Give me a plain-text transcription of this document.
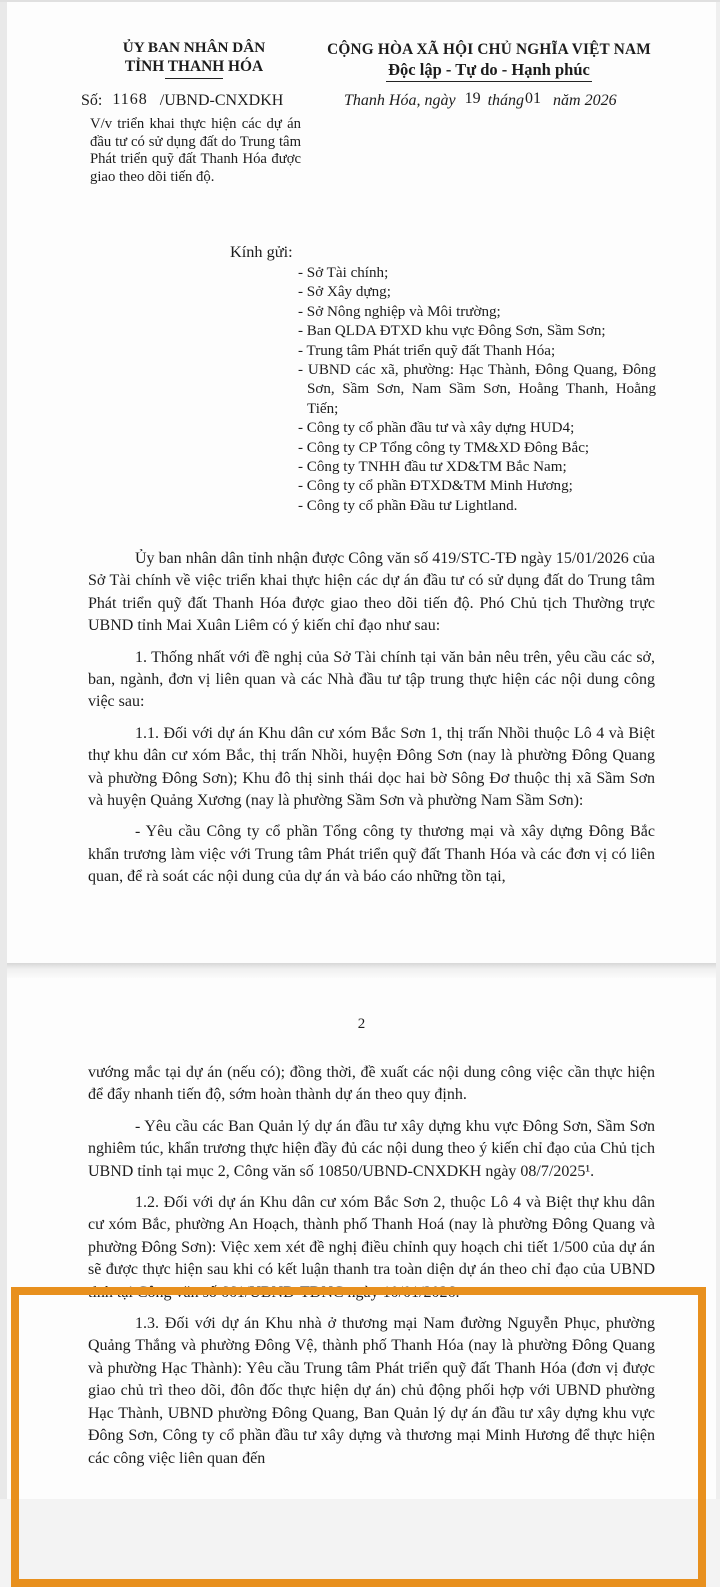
ỦY BAN NHÂN DÂN
TỈNH THANH HÓA
CỘNG HÒA XÃ HỘI CHỦ NGHĨA VIỆT NAM
Độc lập - Tự do - Hạnh phúc
Số: 1168 /UBND-CNXDKH	Thanh Hóa, ngày 19 tháng01 năm 2026
V/v triển khai thực hiện các dự án đầu tư có sử dụng đất do Trung tâm Phát triển quỹ đất Thanh Hóa được giao theo dõi tiến độ.
Kính gửi:
- Sở Tài chính;
- Sở Xây dựng;
- Sở Nông nghiệp và Môi trường;
- Ban QLDA ĐTXD khu vực Đông Sơn, Sầm Sơn;
- Trung tâm Phát triển quỹ đất Thanh Hóa;
- UBND các xã, phường: Hạc Thành, Đông Quang, Đông Sơn, Sầm Sơn, Nam Sầm Sơn, Hoằng Thanh, Hoằng Tiến;
- Công ty cổ phần đầu tư và xây dựng HUD4;
- Công ty CP Tổng công ty TM&XD Đông Bắc;
- Công ty TNHH đầu tư XD&TM Bắc Nam;
- Công ty cổ phần ĐTXD&TM Minh Hương;
- Công ty cổ phần Đầu tư Lightland.

Ủy ban nhân dân tỉnh nhận được Công văn số 419/STC-TĐ ngày 15/01/2026 của Sở Tài chính về việc triển khai thực hiện các dự án đầu tư có sử dụng đất do Trung tâm Phát triển quỹ đất Thanh Hóa được giao theo dõi tiến độ. Phó Chủ tịch Thường trực UBND tỉnh Mai Xuân Liêm có ý kiến chỉ đạo như sau:

1. Thống nhất với đề nghị của Sở Tài chính tại văn bản nêu trên, yêu cầu các sở, ban, ngành, đơn vị liên quan và các Nhà đầu tư tập trung thực hiện các nội dung công việc sau:

1.1. Đối với dự án Khu dân cư xóm Bắc Sơn 1, thị trấn Nhồi thuộc Lô 4 và Biệt thự khu dân cư xóm Bắc, thị trấn Nhồi, huyện Đông Sơn (nay là phường Đông Quang và phường Đông Sơn); Khu đô thị sinh thái dọc hai bờ Sông Đơ thuộc thị xã Sầm Sơn và huyện Quảng Xương (nay là phường Sầm Sơn và phường Nam Sầm Sơn):

- Yêu cầu Công ty cổ phần Tổng công ty thương mại và xây dựng Đông Bắc khẩn trương làm việc với Trung tâm Phát triển quỹ đất Thanh Hóa và các đơn vị có liên quan, để rà soát các nội dung của dự án và báo cáo những tồn tại,

2

vướng mắc tại dự án (nếu có); đồng thời, đề xuất các nội dung công việc cần thực hiện để đẩy nhanh tiến độ, sớm hoàn thành dự án theo quy định.

- Yêu cầu các Ban Quản lý dự án đầu tư xây dựng khu vực Đông Sơn, Sầm Sơn nghiêm túc, khẩn trương thực hiện đầy đủ các nội dung theo ý kiến chỉ đạo của Chủ tịch UBND tỉnh tại mục 2, Công văn số 10850/UBND-CNXDKH ngày 08/7/2025¹.

1.2. Đối với dự án Khu dân cư xóm Bắc Sơn 2, thuộc Lô 4 và Biệt thự khu dân cư xóm Bắc, phường An Hoạch, thành phố Thanh Hoá (nay là phường Đông Quang và phường Đông Sơn): Việc xem xét đề nghị điều chỉnh quy hoạch chi tiết 1/500 của dự án sẽ được thực hiện sau khi có kết luận thanh tra toàn diện dự án theo chỉ đạo của UBND tỉnh tại Công văn số 661/UBND-TDNC ngày 10/01/2026.

1.3. Đối với dự án Khu nhà ở thương mại Nam đường Nguyễn Phục, phường Quảng Thắng và phường Đông Vệ, thành phố Thanh Hóa (nay là phường Đông Quang và phường Hạc Thành): Yêu cầu Trung tâm Phát triển quỹ đất Thanh Hóa (đơn vị được giao chủ trì theo dõi, đôn đốc thực hiện dự án) chủ động phối hợp với UBND phường Hạc Thành, UBND phường Đông Quang, Ban Quản lý dự án đầu tư xây dựng khu vực Đông Sơn, Công ty cổ phần đầu tư xây dựng và thương mại Minh Hương để thực hiện các công việc liên quan đến
